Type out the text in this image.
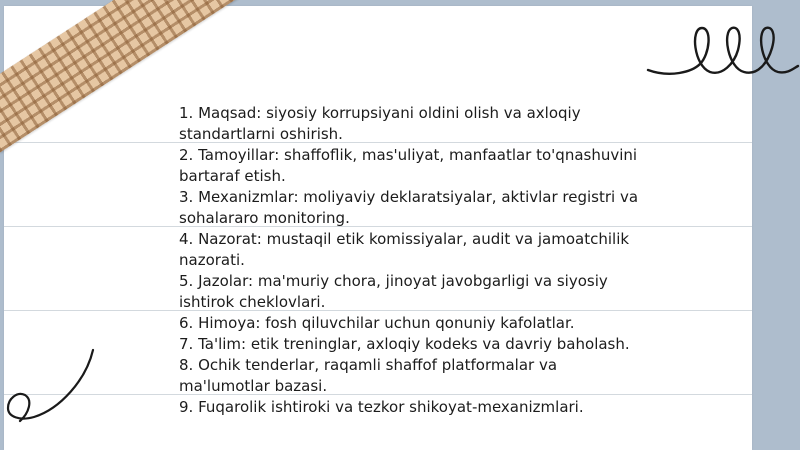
1. Maqsad: siyosiy korrupsiyani oldini olish va axloqiy standartlarni oshirish.
2. Tamoyillar: shaffoflik, mas'uliyat, manfaatlar to'qnashuvini bartaraf etish.
3. Mexanizmlar: moliyaviy deklaratsiyalar, aktivlar registri va sohalararo monitoring.
4. Nazorat: mustaqil etik komissiyalar, audit va jamoatchilik nazorati.
5. Jazolar: ma'muriy chora, jinoyat javobgarligi va siyosiy ishtirok cheklovlari.
6. Himoya: fosh qiluvchilar uchun qonuniy kafolatlar.
7. Ta'lim: etik treninglar, axloqiy kodeks va davriy baholash.
8. Ochik tenderlar, raqamli shaffof platformalar va ma'lumotlar bazasi.
9. Fuqarolik ishtiroki va tezkor shikoyat-mexanizmlari.
